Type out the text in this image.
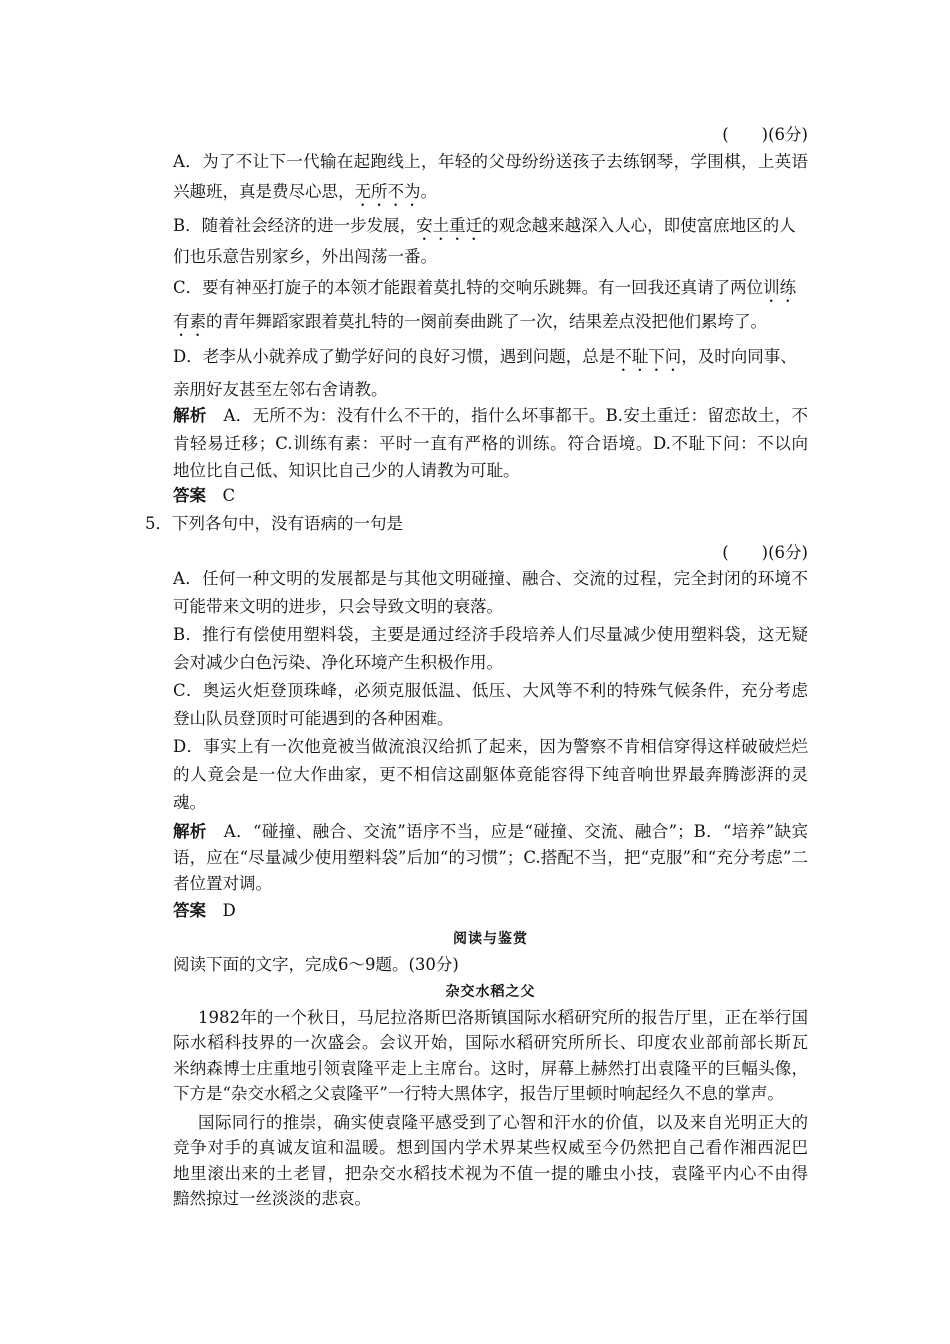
(　　)(6分)
A．为了不让下一代输在起跑线上，年轻的父母纷纷送孩子去练钢琴，学围棋，上英语
兴趣班，真是费尽心思，无所不为。
B．随着社会经济的进一步发展，安土重迁的观念越来越深入人心，即使富庶地区的人
们也乐意告别家乡，外出闯荡一番。
C．要有神巫打旋子的本领才能跟着莫扎特的交响乐跳舞。有一回我还真请了两位训练
有素的青年舞蹈家跟着莫扎特的一阕前奏曲跳了一次，结果差点没把他们累垮了。
D．老李从小就养成了勤学好问的良好习惯，遇到问题，总是不耻下问，及时向同事、
亲朋好友甚至左邻右舍请教。
解析　 A．无所不为：没有什么不干的，指什么坏事都干。B.安土重迁：留恋故土，不
肯轻易迁移；C.训练有素：平时一直有严格的训练。符合语境。D.不耻下问：不以向
地位比自己低、知识比自己少的人请教为可耻。
答案　 C
5．下列各句中，没有语病的一句是
(　　)(6分)
A．任何一种文明的发展都是与其他文明碰撞、融合、交流的过程，完全封闭的环境不
可能带来文明的进步，只会导致文明的衰落。
B．推行有偿使用塑料袋，主要是通过经济手段培养人们尽量减少使用塑料袋，这无疑
会对减少白色污染、净化环境产生积极作用。
C．奥运火炬登顶珠峰，必须克服低温、低压、大风等不利的特殊气候条件，充分考虑
登山队员登顶时可能遇到的各种困难。
D．事实上有一次他竟被当做流浪汉给抓了起来，因为警察不肯相信穿得这样破破烂烂
的人竟会是一位大作曲家，更不相信这副躯体竟能容得下纯音响世界最奔腾澎湃的灵
魂。
解析　 A．“碰撞、融合、交流”语序不当，应是“碰撞、交流、融合”；B．“培养”缺宾
语，应在“尽量减少使用塑料袋”后加“的习惯”；C.搭配不当，把“克服”和“充分考虑”二
者位置对调。
答案　 D
阅读与鉴赏
阅读下面的文字，完成6～9题。(30分)
杂交水稻之父
1982年的一个秋日，马尼拉洛斯巴洛斯镇国际水稻研究所的报告厅里，正在举行国
际水稻科技界的一次盛会。会议开始，国际水稻研究所所长、印度农业部前部长斯瓦
米纳森博士庄重地引领袁隆平走上主席台。这时，屏幕上赫然打出袁隆平的巨幅头像，
下方是“杂交水稻之父袁隆平”一行特大黑体字，报告厅里顿时响起经久不息的掌声。
国际同行的推崇，确实使袁隆平感受到了心智和汗水的价值，以及来自光明正大的
竞争对手的真诚友谊和温暖。想到国内学术界某些权威至今仍然把自己看作湘西泥巴
地里滚出来的土老冒，把杂交水稻技术视为不值一提的雕虫小技，袁隆平内心不由得
黯然掠过一丝淡淡的悲哀。
